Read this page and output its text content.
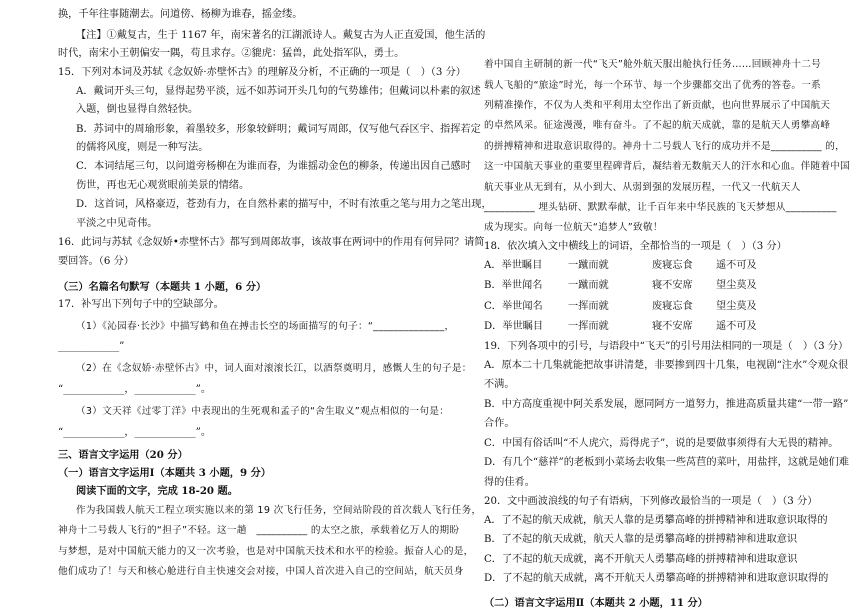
换，千年往事随潮去。问道傍、杨柳为谁春，摇金缕。
【注】①戴复古，生于 1167 年，南宋著名的江湖派诗人。戴复古为人正直爱国，他生活的
时代，南宋小王朝偏安一隅，苟且求存。②貔虎：猛兽，此处指军队，勇士。
15．下列对本词及苏轼《念奴娇·赤壁怀古》的理解及分析，不正确的一项是（　）（3 分）
A．戴词开头三句，显得起势平淡，远不如苏词开头几句的气势雄伟；但戴词以朴素的叙述
入题，倒也显得自然轻快。
B．苏词中的周瑜形象，着墨较多，形象较鲜明；戴词写周郎，仅写他气吞区宇、指挥若定
的儒将风度，则是一种写法。
C．本词结尾三句，以问道旁杨柳在为谁而春，为谁摇动金色的柳条，传递出因自己感时
伤世，再也无心观赏眼前美景的情绪。
D．这首词，风格豪迈，苍劲有力，在自然朴素的描写中，不时有浓重之笔与用力之笔出现，
平淡之中见奇伟。
16．此词与苏轼《念奴娇•赤壁怀古》都写到周郎故事，该故事在两词中的作用有何异同？请简
要回答。（6 分）
（三）名篇名句默写（本题共 1 小题，6 分）
17．补写出下列句子中的空缺部分。
（1）《沁园春·长沙》中描写鹤和鱼在搏击长空的场面描写的句子：“______________，
____________”
（2）在《念奴娇·赤壁怀古》中，词人面对滚滚长江，以酒祭奠明月，感慨人生的句子是：
“____________，____________”。
（3）文天祥《过零丁洋》中表现出的生死观和孟子的“舍生取义”观点相似的一句是：
“____________，____________”。
三、语言文字运用（20 分）
（一）语言文字运用Ⅰ（本题共 3 小题，9 分）
阅读下面的文字，完成 18-20 题。
作为我国载人航天工程立项实施以来的第 19 次飞行任务，空间站阶段的首次载人飞行任务，
神舟十二号载人飞行的“担子”不轻。这一趟　__________ 的太空之旅，承载着亿万人的期盼
与梦想，是对中国航天能力的又一次考验，也是对中国航天技术和水平的检验。振奋人心的是，
他们成功了！与天和核心舱进行自主快速交会对接，中国人首次进入自己的空间站，航天员身
着中国自主研制的新一代“飞天”舱外航天服出舱执行任务……回顾神舟十二号
载人飞船的“旅途”时光，每一个环节、每一个步骤都交出了优秀的答卷。一系
列精准操作，不仅为人类和平利用太空作出了新贡献，也向世界展示了中国航天
的卓然风采。征途漫漫，唯有奋斗。了不起的航天成就，靠的是航天人勇攀高峰
的拼搏精神和进取意识取得的。神舟十二号载人飞行的成功并不是__________ 的，
这一中国航天事业的重要里程碑背后，凝结着无数航天人的汗水和心血。伴随着中国
航天事业从无到有，从小到大、从弱到强的发展历程，一代又一代航天人
__________ 埋头钻研、默默奉献，让千百年来中华民族的飞天梦想从__________
成为现实。向每一位航天“追梦人”致敬！
18．依次填入文中横线上的词语，全都恰当的一项是（　）（3 分）
19．下列各项中的引号，与语段中“飞天”的引号用法相同的一项是（　）（3 分）
A．原本二十几集就能把故事讲清楚，非要掺到四十几集，电视剧“注水”令观众很
不满。
B．中方高度重视中阿关系发展，愿同阿方一道努力，推进高质量共建“一带一路”
合作。
C．中国有俗话叫“不人虎穴，焉得虎子”，说的是要做事须得有大无畏的精神。
D．有几个“慈祥”的老板到小菜场去收集一些莴苣的菜叶，用盐拌，这就是她们难
得的佳肴。
20．文中画波浪线的句子有语病，下列修改最恰当的一项是（　）（3 分）
A．了不起的航天成就，航天人靠的是勇攀高峰的拼搏精神和进取意识取得的
B．了不起的航天成就，航天人靠的是勇攀高峰的拼搏精神和进取意识
C．了不起的航天成就，离不开航天人勇攀高峰的拼搏精神和进取意识
D．了不起的航天成就，离不开航天人勇攀高峰的拼搏精神和进取意识取得的
（二）语言文字运用Ⅱ（本题共 2 小题，11 分）
A．举世瞩目	一蹴而就	废寝忘食 遥不可及
B．举世闻名	一蹴而就	寝不安席 望尘莫及
C．举世闻名 一挥而就	废寝忘食 望尘莫及
D．举世瞩目 一挥而就	寝不安席 遥不可及
